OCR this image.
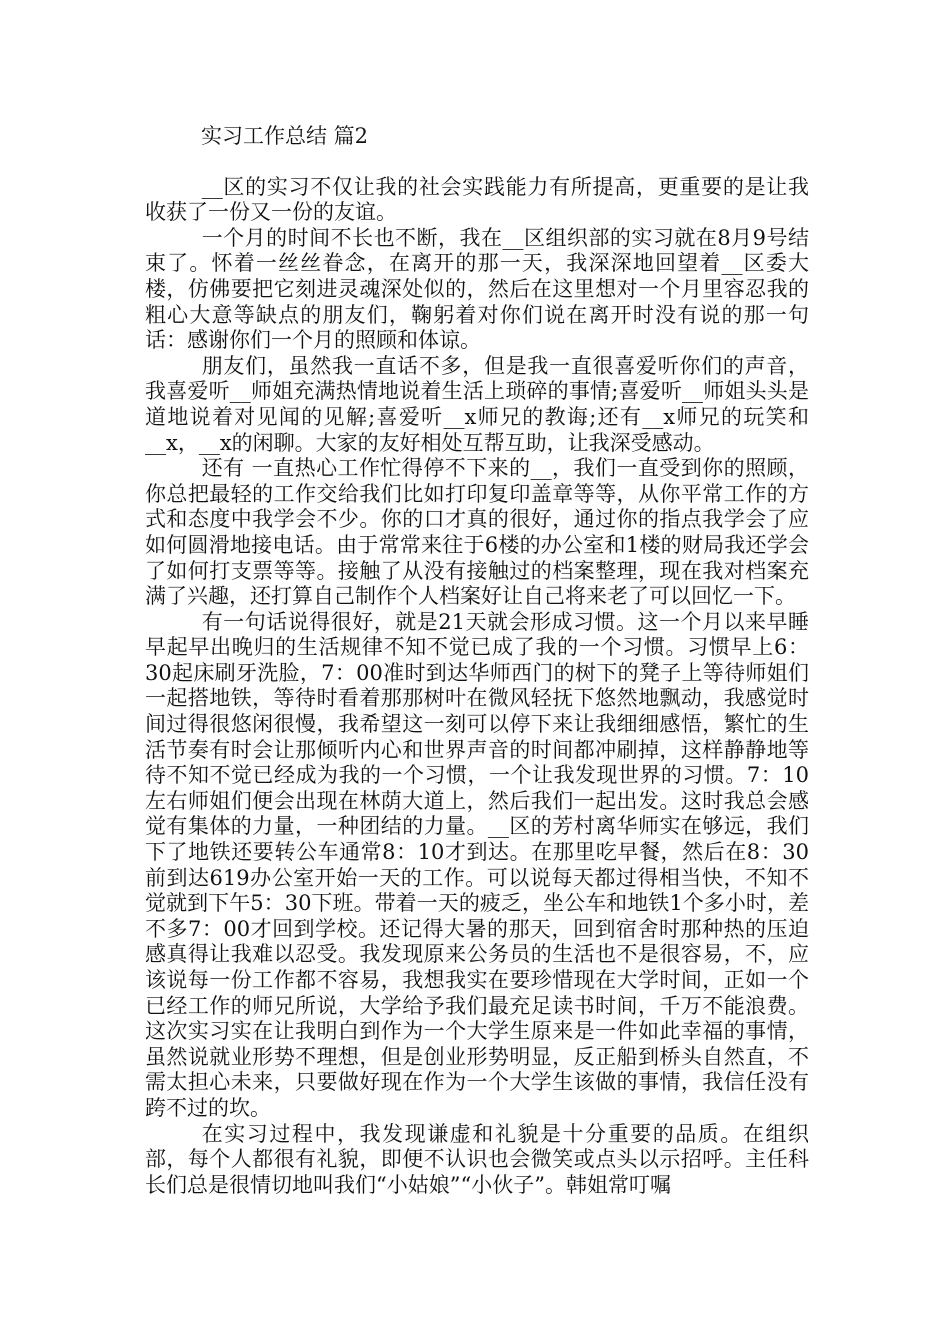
实习工作总结 篇2

__区的实习不仅让我的社会实践能力有所提高，更重要的是让我收获了一份又一份的友谊。

一个月的时间不长也不断，我在__区组织部的实习就在8月9号结束了。怀着一丝丝眷念，在离开的那一天，我深深地回望着__区委大楼，仿佛要把它刻进灵魂深处似的，然后在这里想对一个月里容忍我的粗心大意等缺点的朋友们，鞠躬着对你们说在离开时没有说的那一句话：感谢你们一个月的照顾和体谅。

朋友们，虽然我一直话不多，但是我一直很喜爱听你们的声音，我喜爱听__师姐充满热情地说着生活上琐碎的事情;喜爱听__师姐头头是道地说着对见闻的见解;喜爱听__x师兄的教诲;还有__x师兄的玩笑和__x，__x的闲聊。大家的友好相处互帮互助，让我深受感动。

还有 一直热心工作忙得停不下来的__，我们一直受到你的照顾，你总把最轻的工作交给我们比如打印复印盖章等等，从你平常工作的方式和态度中我学会不少。你的口才真的很好，通过你的指点我学会了应如何圆滑地接电话。由于常常来往于6楼的办公室和1楼的财局我还学会了如何打支票等等。接触了从没有接触过的档案整理，现在我对档案充满了兴趣，还打算自己制作个人档案好让自己将来老了可以回忆一下。

有一句话说得很好，就是21天就会形成习惯。这一个月以来早睡早起早出晚归的生活规律不知不觉已成了我的一个习惯。习惯早上6：30起床刷牙洗脸，7：00准时到达华师西门的树下的凳子上等待师姐们一起搭地铁，等待时看着那那树叶在微风轻抚下悠然地飘动，我感觉时间过得很悠闲很慢，我希望这一刻可以停下来让我细细感悟，繁忙的生活节奏有时会让那倾听内心和世界声音的时间都冲刷掉，这样静静地等待不知不觉已经成为我的一个习惯，一个让我发现世界的习惯。7：10左右师姐们便会出现在林荫大道上，然后我们一起出发。这时我总会感觉有集体的力量，一种团结的力量。__区的芳村离华师实在够远，我们下了地铁还要转公车通常8：10才到达。在那里吃早餐，然后在8：30前到达619办公室开始一天的工作。可以说每天都过得相当快，不知不觉就到下午5：30下班。带着一天的疲乏，坐公车和地铁1个多小时，差不多7：00才回到学校。还记得大暑的那天，回到宿舍时那种热的压迫感真得让我难以忍受。我发现原来公务员的生活也不是很容易，不，应该说每一份工作都不容易，我想我实在要珍惜现在大学时间，正如一个已经工作的师兄所说，大学给予我们最充足读书时间，千万不能浪费。这次实习实在让我明白到作为一个大学生原来是一件如此幸福的事情，虽然说就业形势不理想，但是创业形势明显，反正船到桥头自然直，不需太担心未来，只要做好现在作为一个大学生该做的事情，我信任没有跨不过的坎。

在实习过程中，我发现谦虚和礼貌是十分重要的品质。在组织部，每个人都很有礼貌，即便不认识也会微笑或点头以示招呼。主任科长们总是很情切地叫我们“小姑娘”“小伙子”。韩姐常叮嘱
